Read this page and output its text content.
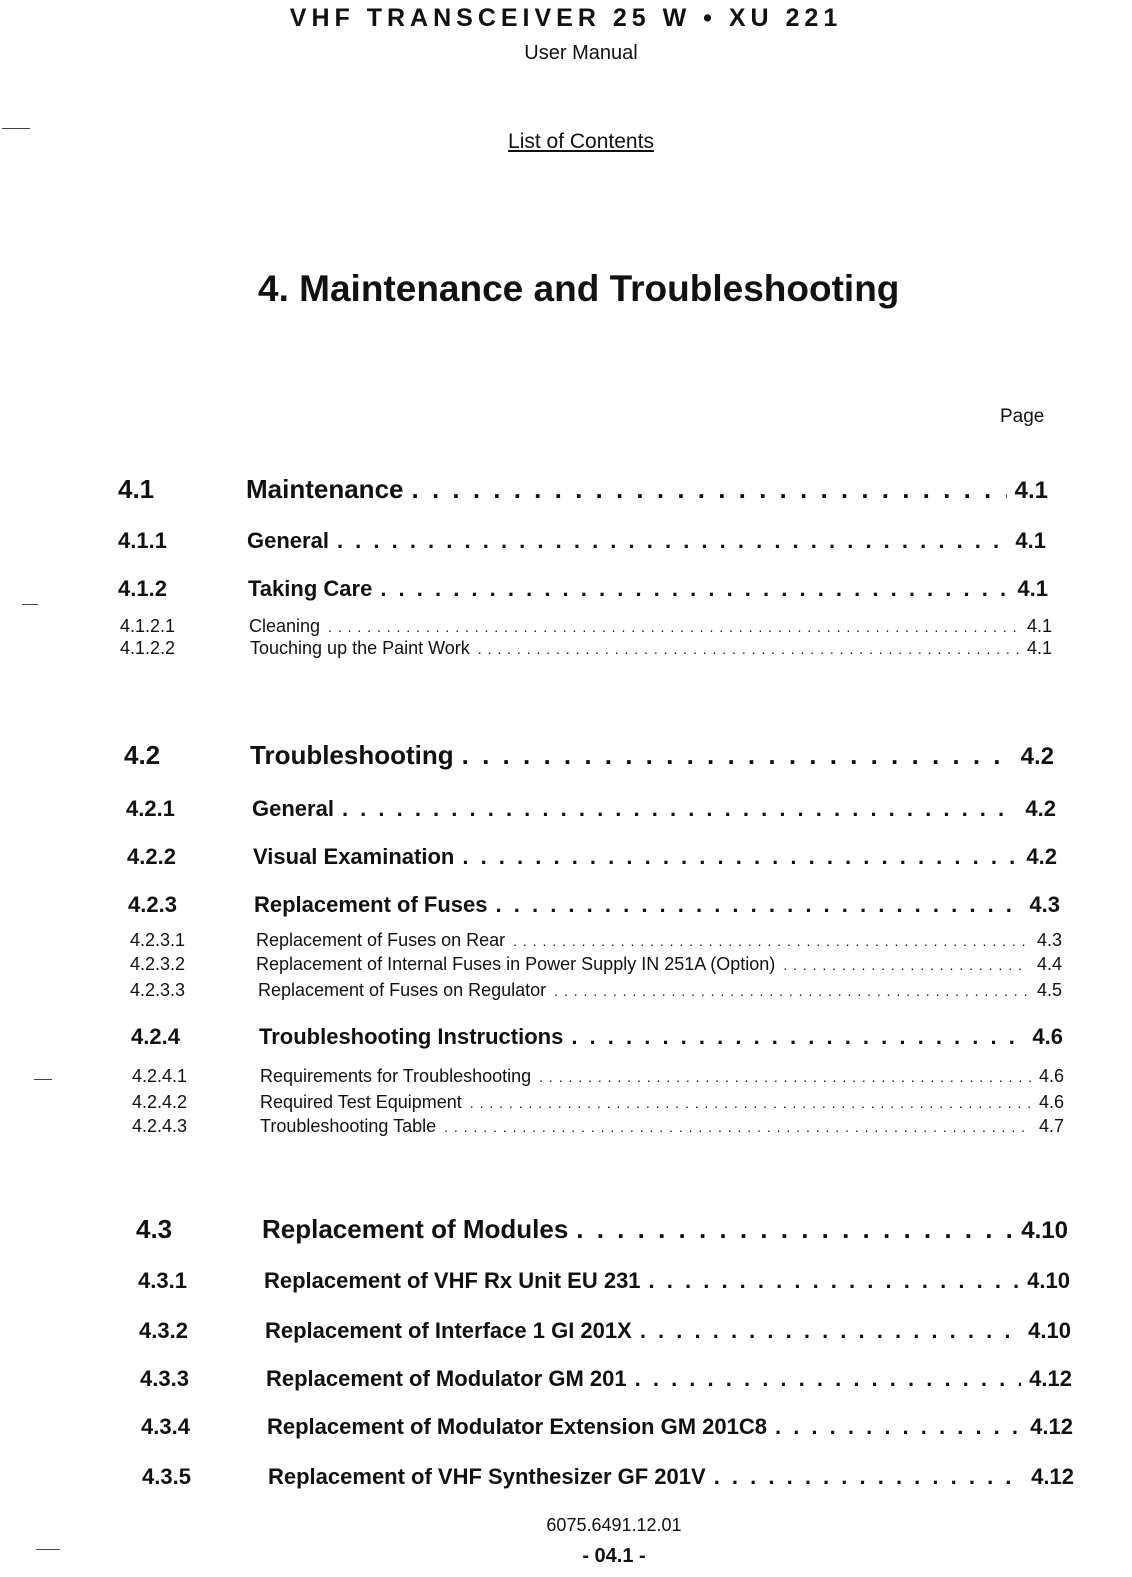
VHF TRANSCEIVER 25 W • XU 221
User Manual
List of Contents
4. Maintenance and Troubleshooting
Page
4.1	Maintenance . . .	4.1
4.1.1	General . . .	4.1
4.1.2	Taking Care . . .	4.1
4.1.2.1	Cleaning . . .	4.1
4.1.2.2	Touching up the Paint Work . . .	4.1
4.2	Troubleshooting . . .	4.2
4.2.1	General . . .	4.2
4.2.2	Visual Examination . . .	4.2
4.2.3	Replacement of Fuses . . .	4.3
4.2.3.1	Replacement of Fuses on Rear . . .	4.3
4.2.3.2	Replacement of Internal Fuses in Power Supply IN 251A (Option) . . .	4.4
4.2.3.3	Replacement of Fuses on Regulator . . .	4.5
4.2.4	Troubleshooting Instructions . . .	4.6
4.2.4.1	Requirements for Troubleshooting . . .	4.6
4.2.4.2	Required Test Equipment . . .	4.6
4.2.4.3	Troubleshooting Table . . .	4.7
4.3	Replacement of Modules . . .	4.10
4.3.1	Replacement of VHF Rx Unit EU 231 . . .	4.10
4.3.2	Replacement of Interface 1 GI 201X . . .	4.10
4.3.3	Replacement of Modulator GM 201 . . .	4.12
4.3.4	Replacement of Modulator Extension GM 201C8 . . .	4.12
4.3.5	Replacement of VHF Synthesizer GF 201V . . .	4.12
6075.6491.12.01
- 04.1 -
